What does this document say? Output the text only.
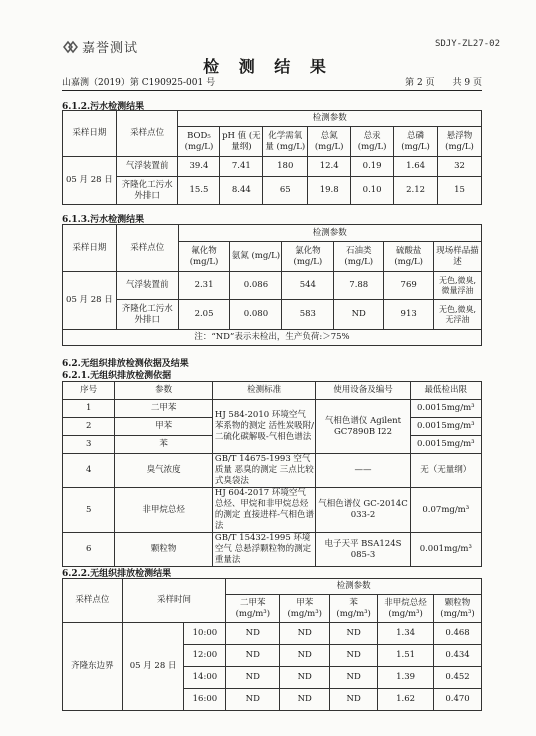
嘉誉测试	SDJY-ZL27-02
检 测 结 果
山嘉测（2019）第 C190925-001 号	第 2 页　　共 9 页
6.1.2.污水检测结果
采样日期	采样点位	检测参数						
		BOD₅ (mg/L)	pH 值 (无量纲)	化学需氧量 (mg/L)	总氮 (mg/L)	总汞 (mg/L)	总磷 (mg/L)	悬浮物 (mg/L)
05 月 28 日	气浮装置前	39.4	7.41	180	12.4	0.19	1.64	32
	齐隆化工污水外排口	15.5	8.44	65	19.8	0.10	2.12	15
6.1.3.污水检测结果
采样日期	采样点位	检测参数					
		氟化物 (mg/L)	氨氮 (mg/L)	氯化物 (mg/L)	石油类 (mg/L)	硫酸盐 (mg/L)	现场样品描述
05 月 28 日	气浮装置前	2.31	0.086	544	7.88	769	无色,微臭,微量浮油
	齐隆化工污水外排口	2.05	0.080	583	ND	913	无色,微臭,无浮油
注：“ND”表示未检出，生产负荷:＞75%							
6.2.无组织排放检测依据及结果
6.2.1.无组织排放检测依据
序号	参数	检测标准	使用设备及编号	最低检出限
1	二甲苯	HJ 584-2010 环境空气 苯系物的测定 活性炭吸附/二硫化碳解吸-气相色谱法	气相色谱仪 Agilent GC7890B I22	0.0015mg/m³
2	甲苯			0.0015mg/m³
3	苯			0.0015mg/m³
4	臭气浓度	GB/T 14675-1993 空气质量 恶臭的测定 三点比较式臭袋法	——	无（无量纲）
5	非甲烷总烃	HJ 604-2017 环境空气 总烃、甲烷和非甲烷总烃的测定 直接进样-气相色谱法	气相色谱仪 GC-2014C 033-2	0.07mg/m³
6	颗粒物	GB/T 15432-1995 环境空气 总悬浮颗粒物的测定 重量法	电子天平 BSA124S 085-3	0.001mg/m³
6.2.2.无组织排放检测结果
采样点位	采样时间		检测参数				
			二甲苯 (mg/m³)	甲苯 (mg/m³)	苯 (mg/m³)	非甲烷总烃 (mg/m³)	颗粒物 (mg/m³)
齐隆东边界	05 月 28 日	10:00	ND	ND	ND	1.34	0.468
		12:00	ND	ND	ND	1.51	0.434
		14:00	ND	ND	ND	1.39	0.452
		16:00	ND	ND	ND	1.62	0.470
